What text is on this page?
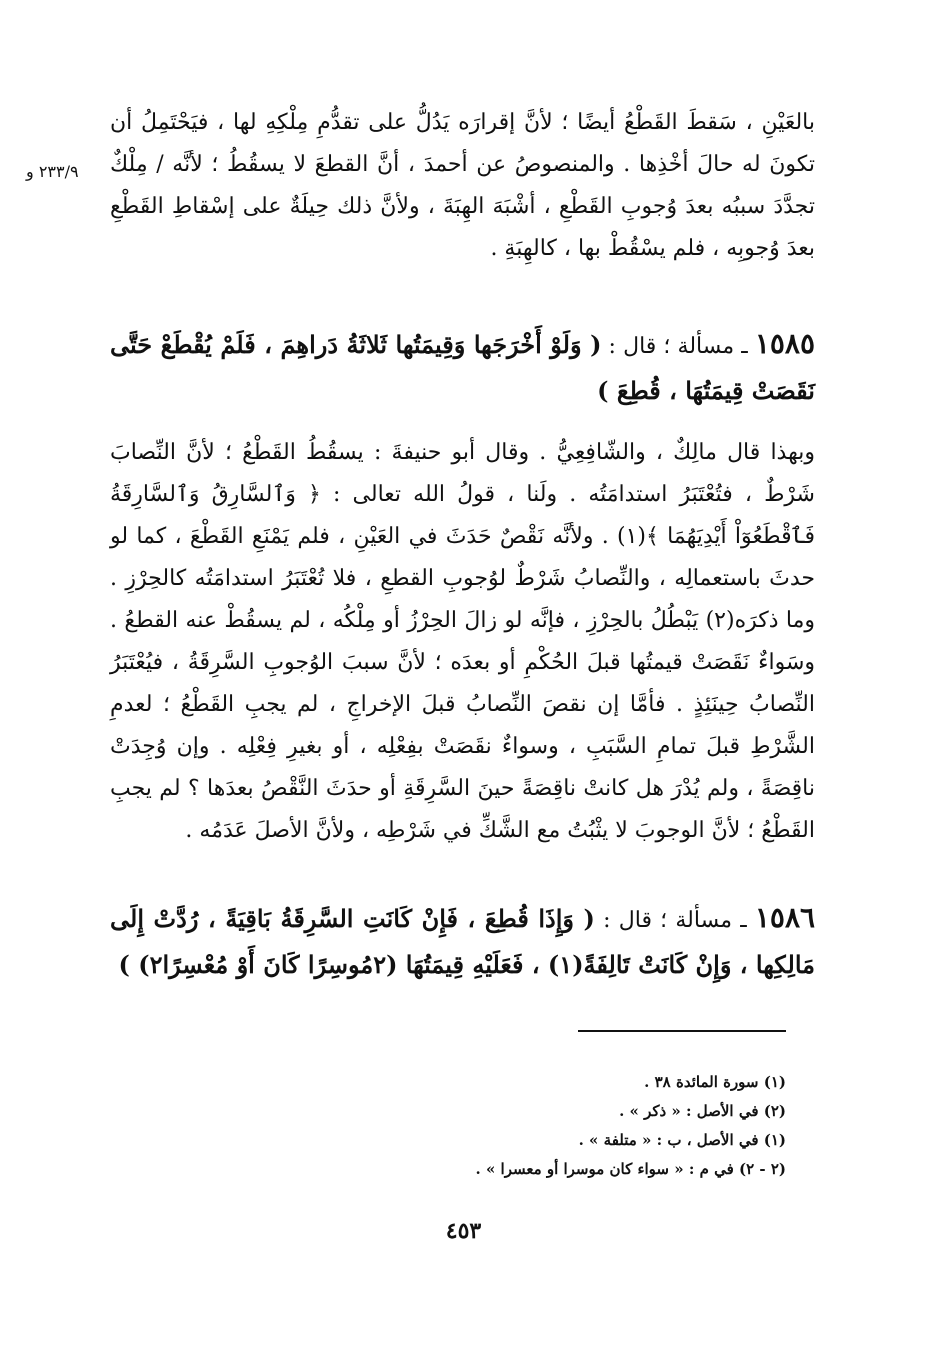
٢٣٣/٩ و
بالعَيْنِ ، سَقطَ القَطْعُ أيضًا ؛ لأنَّ إقرارَه يَدُلُّ على تقدُّمِ مِلْكِهِ لها ، فيَحْتَمِلُ أن تكونَ له حالَ أخْذِها . والمنصوصُ عن أحمدَ ، أنَّ القطعَ لا يسقُطُ ؛ لأنَّه / مِلْكٌ تجدَّدَ سببُه بعدَ وُجوبِ القَطْعِ ، أشْبَهَ الهِبَةَ ، ولأنَّ ذلك حِيلَةٌ على إسْقاطِ القَطْعِ بعدَ وُجوبِه ، فلم يسْقُطْ بها ، كالهِبَةِ .
١٥٨٥ ـ مسألة ؛ قال : ( وَلَوْ أَخْرَجَها وَقِيمَتُها ثَلاثَةُ دَراهِمَ ، فَلَمْ يُقْطَعْ حَتَّى نَقَصَتْ قِيمَتُهَا ، قُطِعَ )
وبهذا قال مالِكٌ ، والشّافِعِيُّ . وقال أبو حنيفةَ : يسقُطُ القَطْعُ ؛ لأنَّ النِّصابَ شَرْطٌ ، فتُعْتَبَرُ استدامَتُه . ولَنا ، قولُ الله تعالى : ﴿ وَٱلسَّارِقُ وَٱلسَّارِقَةُ فَٱقْطَعُوٓاْ أَيْدِيَهُمَا ﴾(١) . ولأنَّه نَقْصٌ حَدَثَ في العَيْنِ ، فلم يَمْنَعِ القَطْعَ ، كما لو حدثَ باستعمالِه ، والنِّصابُ شَرْطٌ لوُجوبِ القطعِ ، فلا تُعْتَبَرُ استدامَتُه كالحِرْزِ . وما ذكرَه(٢) يَبْطُلُ بالحِرْزِ ، فإنَّه لو زالَ الحِرْزُ أو مِلْكُه ، لم يسقُطْ عنه القطعُ . وسَواءٌ نَقَصَتْ قيمتُها قبلَ الحُكْمِ أو بعدَه ؛ لأنَّ سببَ الوُجوبِ السَّرِقَةُ ، فيُعْتَبَرُ النِّصابُ حِينَئِذٍ . فأمَّا إن نقصَ النِّصابُ قبلَ الإخراجِ ، لم يجبِ القَطْعُ ؛ لعدمِ الشَّرْطِ قبلَ تمامِ السَّبَبِ ، وسواءٌ نقَصَتْ بفِعْلِه ، أو بغيرِ فِعْلِه . وإن وُجِدَتْ ناقِصَةً ، ولم يُدْرَ هل كانتْ ناقِصَةً حينَ السَّرِقَةِ أو حدَثَ النَّقْصُ بعدَها ؟ لم يجبِ القَطْعُ ؛ لأنَّ الوجوبَ لا يثْبُتُ مع الشَّكِّ في شَرْطِه ، ولأنَّ الأصلَ عَدَمُه .
١٥٨٦ ـ مسألة ؛ قال : ( وَإِذَا قُطِعَ ، فَإِنْ كَانَتِ السَّرِقَةُ بَاقِيَةً ، رُدَّتْ إِلَى مَالِكِها ، وَإِنْ كَانَتْ تَالِفَةً(١) ، فَعَلَيْهِ قِيمَتُهَا (٢مُوسِرًا كَانَ أَوْ مُعْسِرًا٢) )
(١) سورة المائدة ٣٨ .
(٢) في الأصل : « ذكر » .
(١) في الأصل ، ب : « متلفة » .
(٢ - ٢) في م : « سواء كان موسرا أو معسرا » .
٤٥٣
